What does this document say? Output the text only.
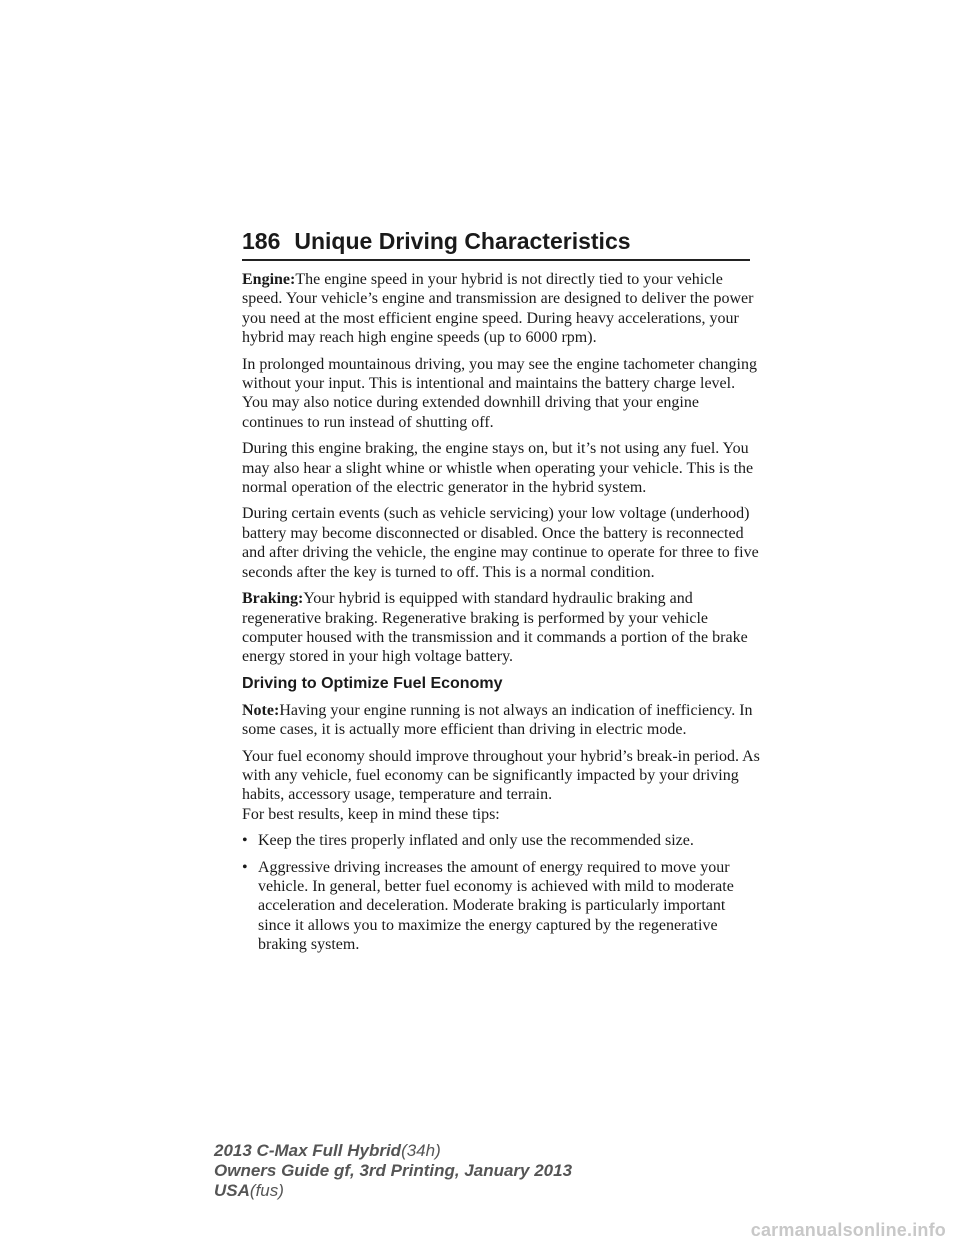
186 Unique Driving Characteristics

Engine:The engine speed in your hybrid is not directly tied to your vehicle speed. Your vehicle’s engine and transmission are designed to deliver the power you need at the most efficient engine speed. During heavy accelerations, your hybrid may reach high engine speeds (up to 6000 rpm).

In prolonged mountainous driving, you may see the engine tachometer changing without your input. This is intentional and maintains the battery charge level. You may also notice during extended downhill driving that your engine continues to run instead of shutting off.

During this engine braking, the engine stays on, but it’s not using any fuel. You may also hear a slight whine or whistle when operating your vehicle. This is the normal operation of the electric generator in the hybrid system.

During certain events (such as vehicle servicing) your low voltage (underhood) battery may become disconnected or disabled. Once the battery is reconnected and after driving the vehicle, the engine may continue to operate for three to five seconds after the key is turned to off. This is a normal condition.

Braking:Your hybrid is equipped with standard hydraulic braking and regenerative braking. Regenerative braking is performed by your vehicle computer housed with the transmission and it commands a portion of the brake energy stored in your high voltage battery.

Driving to Optimize Fuel Economy

Note:Having your engine running is not always an indication of inefficiency. In some cases, it is actually more efficient than driving in electric mode.

Your fuel economy should improve throughout your hybrid’s break-in period. As with any vehicle, fuel economy can be significantly impacted by your driving habits, accessory usage, temperature and terrain.
For best results, keep in mind these tips:

• Keep the tires properly inflated and only use the recommended size.
• Aggressive driving increases the amount of energy required to move your vehicle. In general, better fuel economy is achieved with mild to moderate acceleration and deceleration. Moderate braking is particularly important since it allows you to maximize the energy captured by the regenerative braking system.
2013 C-Max Full Hybrid(34h)
Owners Guide gf, 3rd Printing, January 2013
USA(fus)
carmanualsonline.info
